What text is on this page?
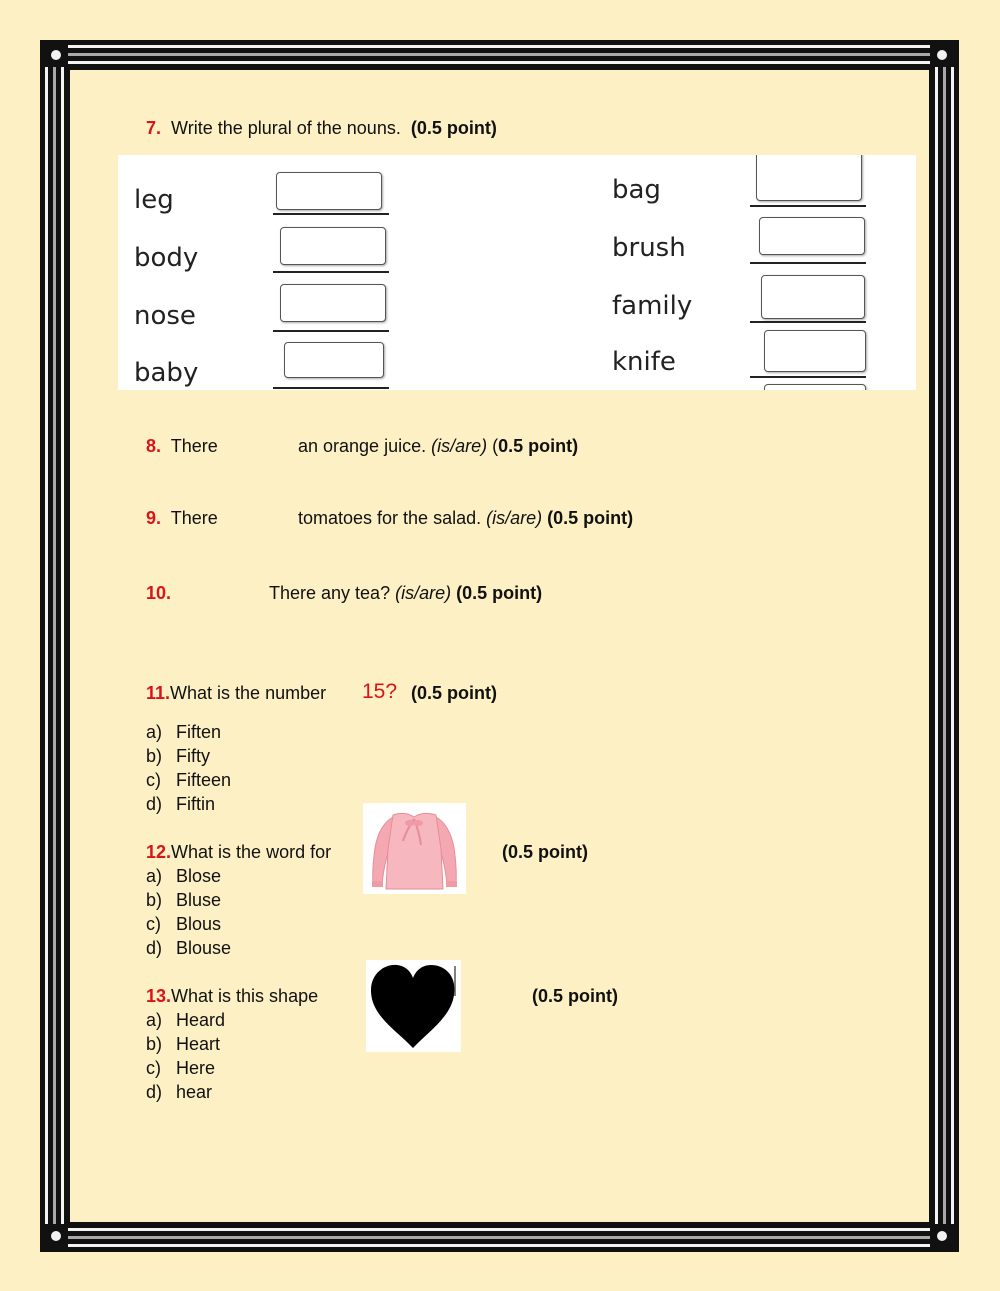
7. Write the plural of the nouns. (0.5 point)
leg
body
nose
baby
bag
brush
family
knife
8. There	an orange juice. (is/are) (0.5 point)
9. There	tomatoes for the salad. (is/are) (0.5 point)
10.	There any tea? (is/are) (0.5 point)
11.What is the number 15? (0.5 point)
a) Fiften
b) Fifty
c) Fifteen
d) Fiftin
12.What is the word for	(0.5 point)
a) Blose
b) Bluse
c) Blous
d) Blouse
13.What is this shape	(0.5 point)
a) Heard
b) Heart
c) Here
d) hear
